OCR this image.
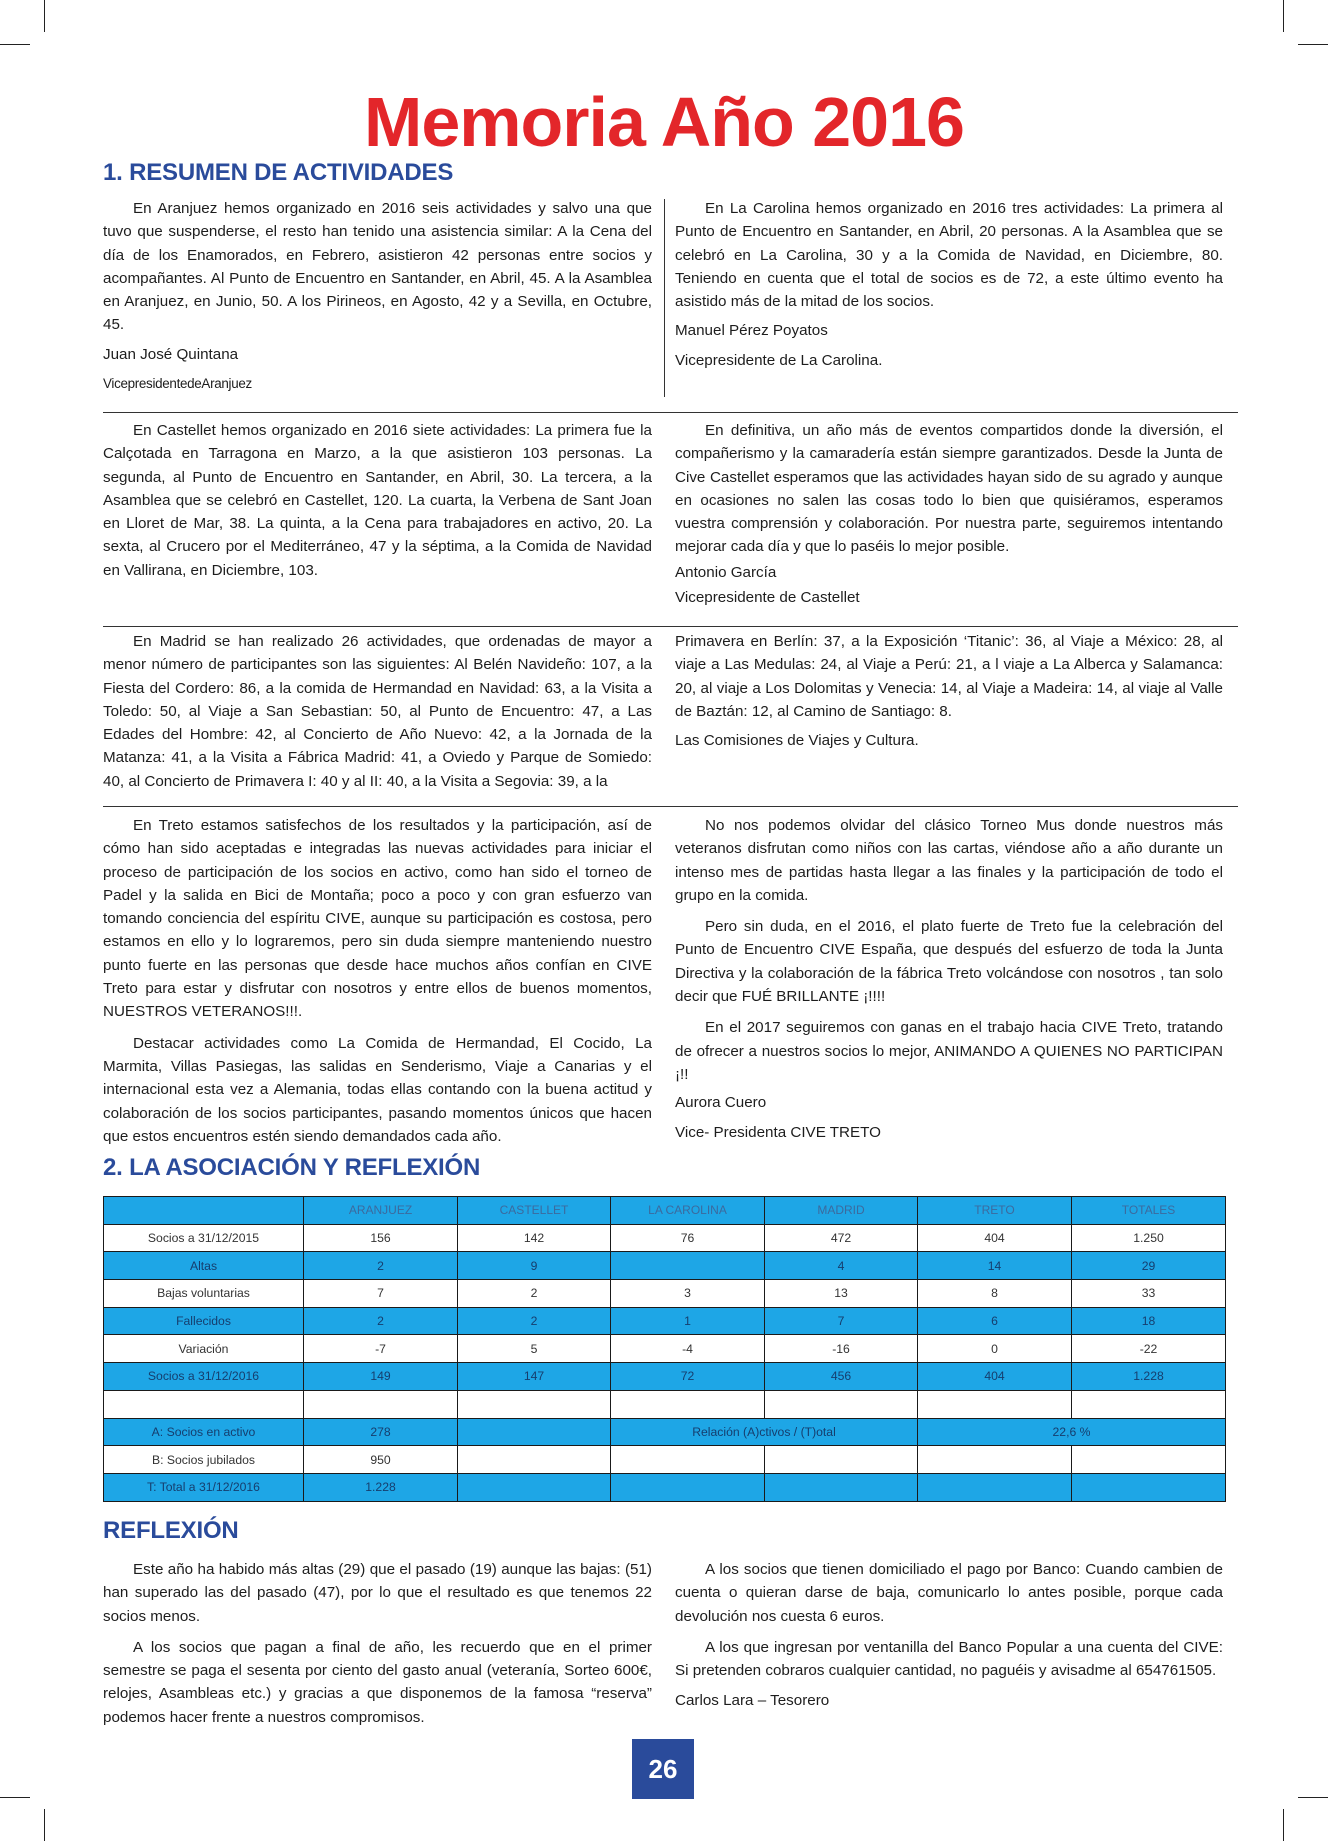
Memoria Año 2016
1. RESUMEN DE ACTIVIDADES

En Aranjuez hemos organizado en 2016 seis actividades y salvo una que tuvo que suspenderse, el resto han tenido una asistencia similar: A la Cena del día de los Enamorados, en Febrero, asistieron 42 personas entre socios y acompañantes. Al Punto de Encuentro en Santander, en Abril, 45. A la Asamblea en Aranjuez, en Junio, 50. A los Pirineos, en Agosto, 42 y a Sevilla, en Octubre, 45.

Juan José Quintana

VicepresidentedeAranjuez

En La Carolina hemos organizado en 2016 tres actividades: La primera al Punto de Encuentro en Santander, en Abril, 20 personas. A la Asamblea que se celebró en La Carolina, 30 y a la Comida de Navidad, en Diciembre, 80. Teniendo en cuenta que el total de socios es de 72, a este último evento ha asistido más de la mitad de los socios.

Manuel Pérez Poyatos

Vicepresidente de La Carolina.

En Castellet hemos organizado en 2016 siete actividades: La primera fue la Calçotada en Tarragona en Marzo, a la que asistieron 103 personas. La segunda, al Punto de Encuentro en Santander, en Abril, 30. La tercera, a la Asamblea que se celebró en Castellet, 120. La cuarta, la Verbena de Sant Joan en Lloret de Mar, 38. La quinta, a la Cena para trabajadores en activo, 20. La sexta, al Crucero por el Mediterráneo, 47 y la séptima, a la Comida de Navidad en Vallirana, en Diciembre, 103.

En definitiva, un año más de eventos compartidos donde la diversión, el compañerismo y la camaradería están siempre garantizados. Desde la Junta de Cive Castellet esperamos que las actividades hayan sido de su agrado y aunque en ocasiones no salen las cosas todo lo bien que quisiéramos, esperamos vuestra comprensión y colaboración. Por nuestra parte, seguiremos intentando mejorar cada día y que lo paséis lo mejor posible.

Antonio García

Vicepresidente de Castellet

En Madrid se han realizado 26 actividades, que ordenadas de mayor a menor número de participantes son las siguientes: Al Belén Navideño: 107, a la Fiesta del Cordero: 86, a la comida de Hermandad en Navidad: 63, a la Visita a Toledo: 50, al Viaje a San Sebastian: 50, al Punto de Encuentro: 47, a Las Edades del Hombre: 42, al Concierto de Año Nuevo: 42, a la Jornada de la Matanza: 41, a la Visita a Fábrica Madrid: 41, a Oviedo y Parque de Somiedo: 40, al Concierto de Primavera I: 40 y al II: 40, a la Visita a Segovia: 39, a la

Primavera en Berlín: 37, a la Exposición ‘Titanic’: 36, al Viaje a México: 28, al viaje a Las Medulas: 24, al Viaje a Perú: 21, a l viaje a La Alberca y Salamanca: 20, al viaje a Los Dolomitas y Venecia: 14, al Viaje a Madeira: 14, al viaje al Valle de Baztán: 12, al Camino de Santiago: 8.

Las Comisiones de Viajes y Cultura.

En Treto estamos satisfechos de los resultados y la participación, así de cómo han sido aceptadas e integradas las nuevas actividades para iniciar el proceso de participación de los socios en activo, como han sido el torneo de Padel y la salida en Bici de Montaña; poco a poco y con gran esfuerzo van tomando conciencia del espíritu CIVE, aunque su participación es costosa, pero estamos en ello y lo lograremos, pero sin duda siempre manteniendo nuestro punto fuerte en las personas que desde hace muchos años confían en CIVE Treto para estar y disfrutar con nosotros y entre ellos de buenos momentos, NUESTROS VETERANOS!!!.

Destacar actividades como La Comida de Hermandad, El Cocido, La Marmita, Villas Pasiegas, las salidas en Senderismo, Viaje a Canarias y el internacional esta vez a Alemania, todas ellas contando con la buena actitud y colaboración de los socios participantes, pasando momentos únicos que hacen que estos encuentros estén siendo demandados cada año.

No nos podemos olvidar del clásico Torneo Mus donde nuestros más veteranos disfrutan como niños con las cartas, viéndose año a año durante un intenso mes de partidas hasta llegar a las finales y la participación de todo el grupo en la comida.

Pero sin duda, en el 2016, el plato fuerte de Treto fue la celebración del Punto de Encuentro CIVE España, que después del esfuerzo de toda la Junta Directiva y la colaboración de la fábrica Treto volcándose con nosotros , tan solo decir que FUÉ BRILLANTE ¡!!!!

En el 2017 seguiremos con ganas en el trabajo hacia CIVE Treto, tratando de ofrecer a nuestros socios lo mejor, ANIMANDO A QUIENES NO PARTICIPAN ¡!!

Aurora Cuero

Vice- Presidenta CIVE TRETO

2. LA ASOCIACIÓN Y REFLEXIÓN
	ARANJUEZ	CASTELLET	LA CAROLINA	MADRID	TRETO	TOTALES
Socios a 31/12/2015	156	142	76	472	404	1.250
Altas	2	9		4	14	29
Bajas voluntarias	7	2	3	13	8	33
Fallecidos	2	2	1	7	6	18
Variación	-7	5	-4	-16	0	-22
Socios a 31/12/2016	149	147	72	456	404	1.228

A: Socios en activo	278		Relación (A)ctivos / (T)otal		22,6 %	
B: Socios jubilados	950					
T: Total a 31/12/2016	1.228					
REFLEXIÓN

Este año ha habido más altas (29) que el pasado (19) aunque las bajas: (51) han superado las del pasado (47), por lo que el resultado es que tenemos 22 socios menos.

A los socios que pagan a final de año, les recuerdo que en el primer semestre se paga el sesenta por ciento del gasto anual (veteranía, Sorteo 600€, relojes, Asambleas etc.) y gracias a que disponemos de la famosa “reserva” podemos hacer frente a nuestros compromisos.

A los socios que tienen domiciliado el pago por Banco: Cuando cambien de cuenta o quieran darse de baja, comunicarlo lo antes posible, porque cada devolución nos cuesta 6 euros.

A los que ingresan por ventanilla del Banco Popular a una cuenta del CIVE: Si pretenden cobraros cualquier cantidad, no paguéis y avisadme al 654761505.

Carlos Lara – Tesorero

26
